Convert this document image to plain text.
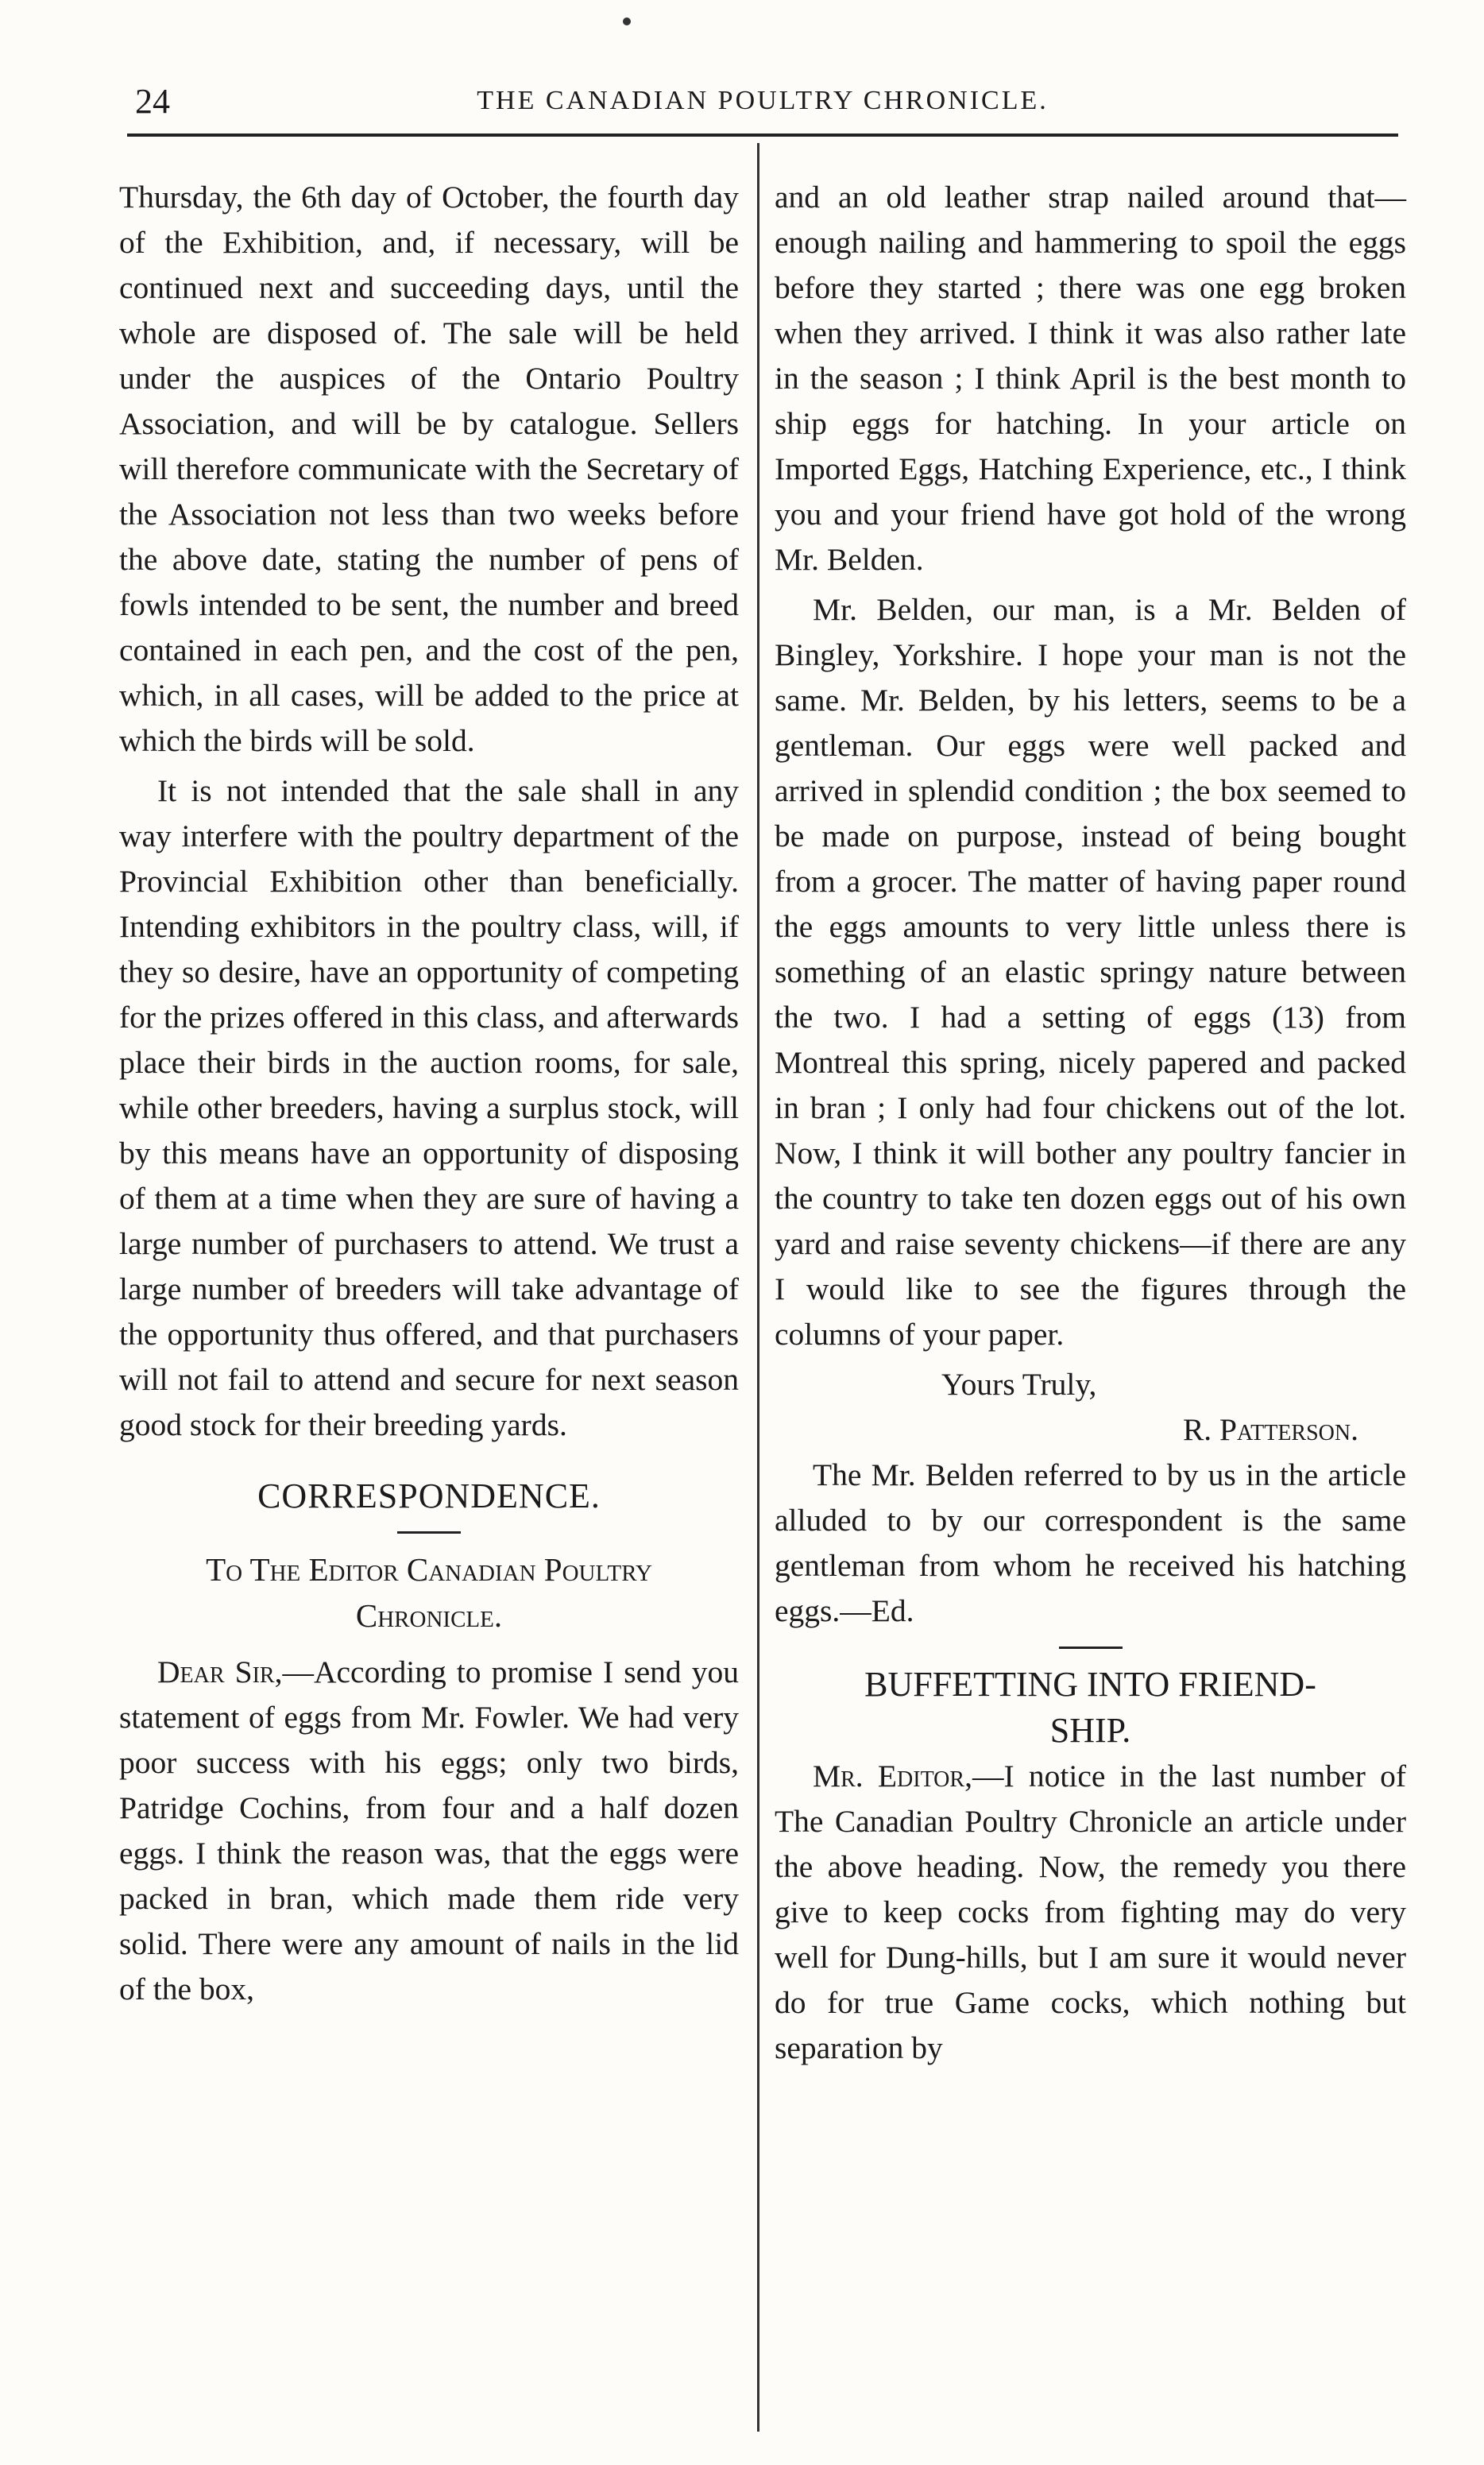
24	THE CANADIAN POULTRY CHRONICLE.

Thursday, the 6th day of October, the fourth day of the Exhibition, and, if necessary, will be continued next and succeeding days, until the whole are disposed of. The sale will be held under the auspices of the Ontario Poultry Association, and will be by catalogue. Sellers will therefore communicate with the Secretary of the Association not less than two weeks before the above date, stating the number of pens of fowls intended to be sent, the number and breed contained in each pen, and the cost of the pen, which, in all cases, will be added to the price at which the birds will be sold.

It is not intended that the sale shall in any way interfere with the poultry department of the Provincial Exhibition other than beneficially. Intending exhibitors in the poultry class, will, if they so desire, have an opportunity of competing for the prizes offered in this class, and afterwards place their birds in the auction rooms, for sale, while other breeders, having a surplus stock, will by this means have an opportunity of disposing of them at a time when they are sure of having a large number of purchasers to attend. We trust a large number of breeders will take advantage of the opportunity thus offered, and that purchasers will not fail to attend and secure for next season good stock for their breeding yards.

CORRESPONDENCE.
To The Editor Canadian Poultry
Chronicle.

Dear Sir,—According to promise I send you statement of eggs from Mr. Fowler. We had very poor success with his eggs; only two birds, Patridge Cochins, from four and a half dozen eggs. I think the reason was, that the eggs were packed in bran, which made them ride very solid. There were any amount of nails in the lid of the box,

and an old leather strap nailed around that—enough nailing and hammering to spoil the eggs before they started ; there was one egg broken when they arrived. I think it was also rather late in the season ; I think April is the best month to ship eggs for hatching. In your article on Imported Eggs, Hatching Experience, etc., I think you and your friend have got hold of the wrong Mr. Belden.

Mr. Belden, our man, is a Mr. Belden of Bingley, Yorkshire. I hope your man is not the same. Mr. Belden, by his letters, seems to be a gentleman. Our eggs were well packed and arrived in splendid condition ; the box seemed to be made on purpose, instead of being bought from a grocer. The matter of having paper round the eggs amounts to very little unless there is something of an elastic springy nature between the two. I had a setting of eggs (13) from Montreal this spring, nicely papered and packed in bran ; I only had four chickens out of the lot. Now, I think it will bother any poultry fancier in the country to take ten dozen eggs out of his own yard and raise seventy chickens—if there are any I would like to see the figures through the columns of your paper.

Yours Truly,
R. Patterson.

The Mr. Belden referred to by us in the article alluded to by our correspondent is the same gentleman from whom he received his hatching eggs.—Ed.

BUFFETTING INTO FRIEND-
SHIP.

Mr. Editor,—I notice in the last number of The Canadian Poultry Chronicle an article under the above heading. Now, the remedy you there give to keep cocks from fighting may do very well for Dung-hills, but I am sure it would never do for true Game cocks, which nothing but separation by
